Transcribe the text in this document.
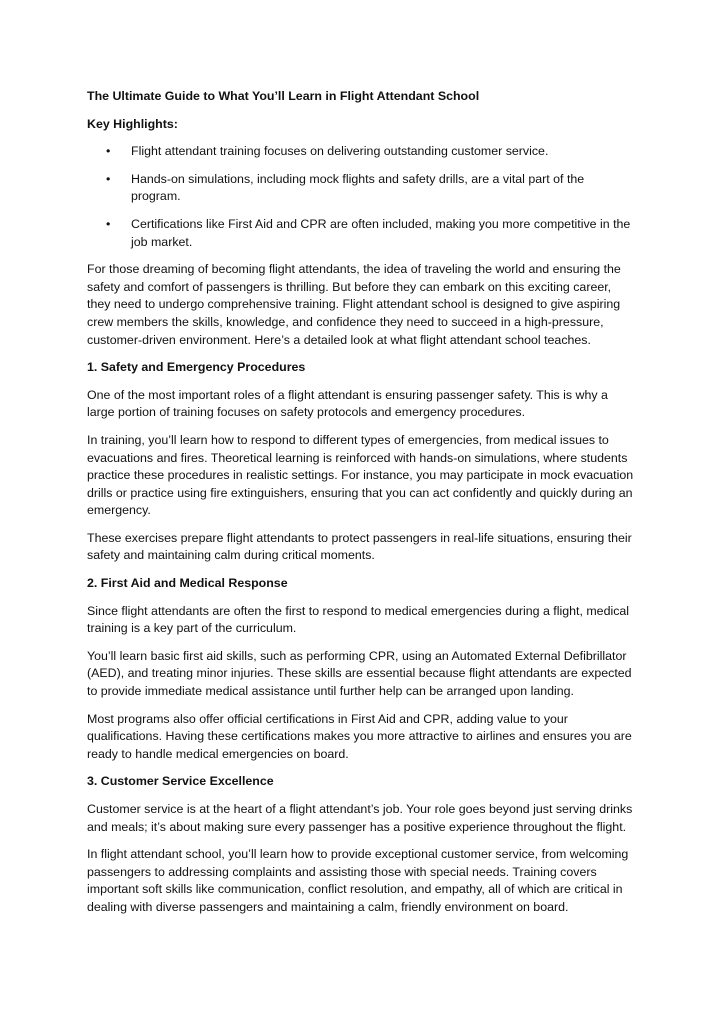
The Ultimate Guide to What You’ll Learn in Flight Attendant School

Key Highlights:

• Flight attendant training focuses on delivering outstanding customer service.
• Hands-on simulations, including mock flights and safety drills, are a vital part of the program.
• Certifications like First Aid and CPR are often included, making you more competitive in the job market.

For those dreaming of becoming flight attendants, the idea of traveling the world and ensuring the safety and comfort of passengers is thrilling. But before they can embark on this exciting career, they need to undergo comprehensive training. Flight attendant school is designed to give aspiring crew members the skills, knowledge, and confidence they need to succeed in a high-pressure, customer-driven environment. Here’s a detailed look at what flight attendant school teaches.

1. Safety and Emergency Procedures

One of the most important roles of a flight attendant is ensuring passenger safety. This is why a large portion of training focuses on safety protocols and emergency procedures.

In training, you’ll learn how to respond to different types of emergencies, from medical issues to evacuations and fires. Theoretical learning is reinforced with hands-on simulations, where students practice these procedures in realistic settings. For instance, you may participate in mock evacuation drills or practice using fire extinguishers, ensuring that you can act confidently and quickly during an emergency.

These exercises prepare flight attendants to protect passengers in real-life situations, ensuring their safety and maintaining calm during critical moments.

2. First Aid and Medical Response

Since flight attendants are often the first to respond to medical emergencies during a flight, medical training is a key part of the curriculum.

You’ll learn basic first aid skills, such as performing CPR, using an Automated External Defibrillator (AED), and treating minor injuries. These skills are essential because flight attendants are expected to provide immediate medical assistance until further help can be arranged upon landing.

Most programs also offer official certifications in First Aid and CPR, adding value to your qualifications. Having these certifications makes you more attractive to airlines and ensures you are ready to handle medical emergencies on board.

3. Customer Service Excellence

Customer service is at the heart of a flight attendant’s job. Your role goes beyond just serving drinks and meals; it’s about making sure every passenger has a positive experience throughout the flight.

In flight attendant school, you’ll learn how to provide exceptional customer service, from welcoming passengers to addressing complaints and assisting those with special needs. Training covers important soft skills like communication, conflict resolution, and empathy, all of which are critical in dealing with diverse passengers and maintaining a calm, friendly environment on board.
